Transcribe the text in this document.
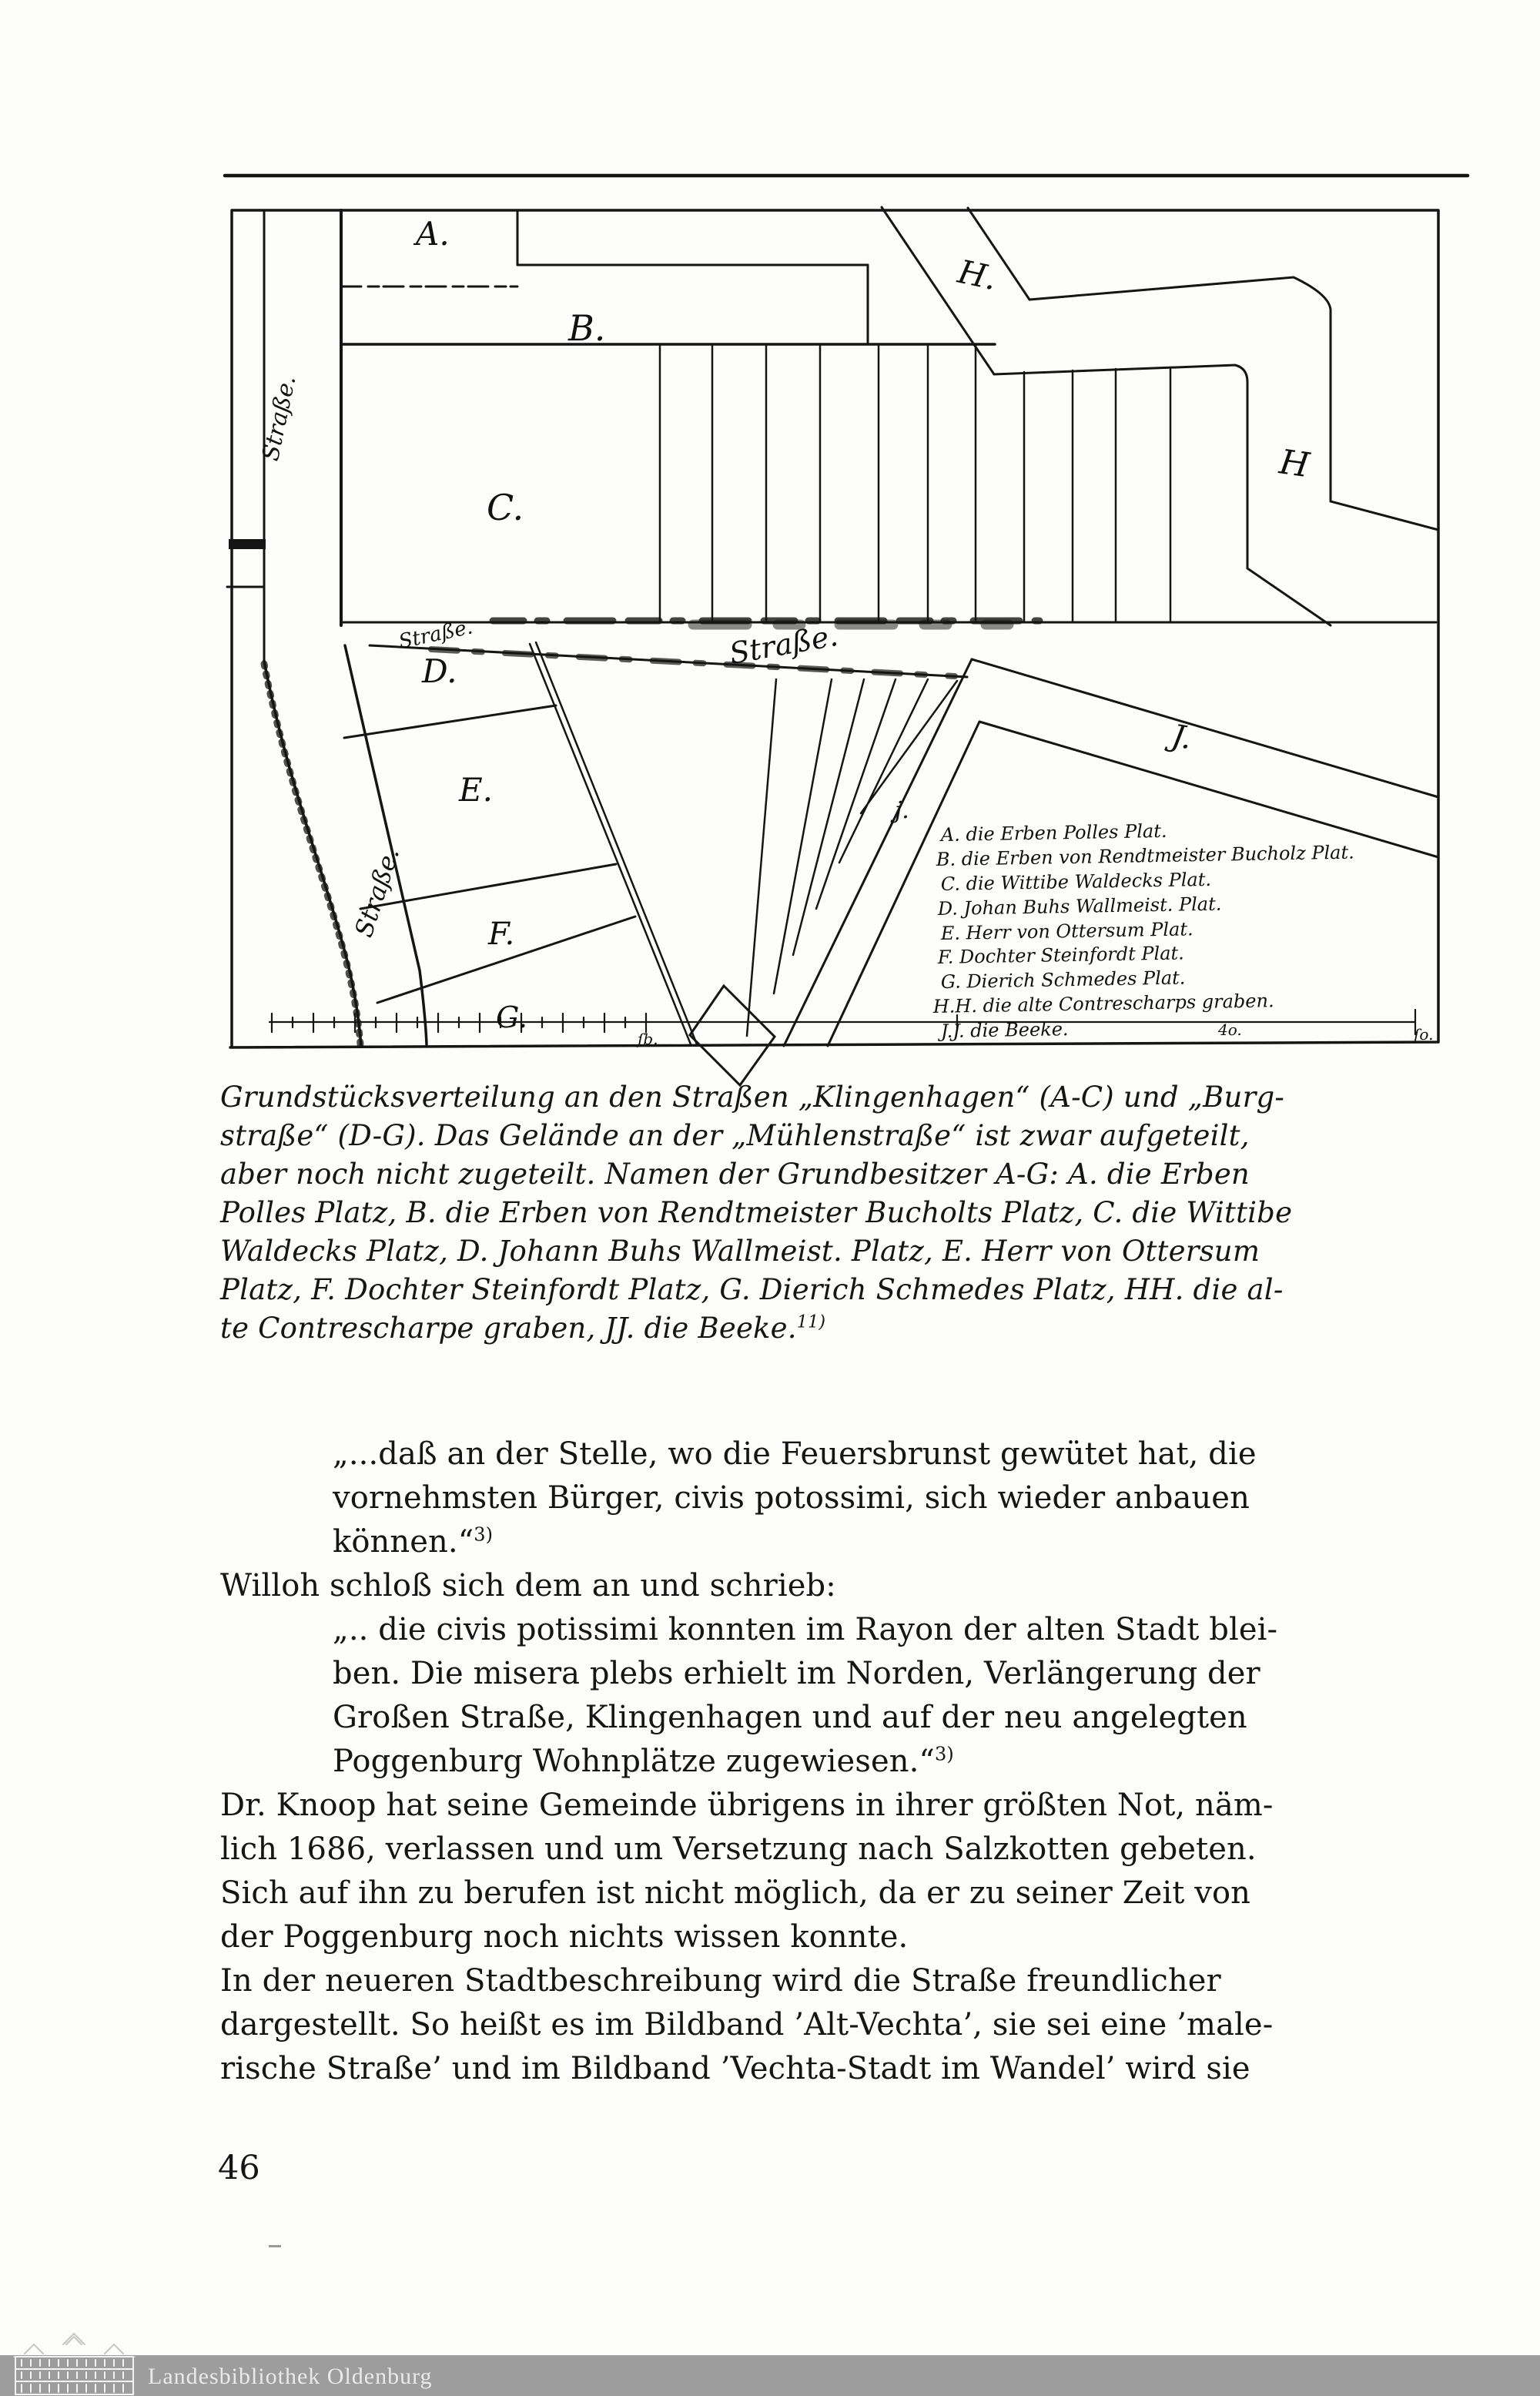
A.
B.
C.
D.
E.
F.
G.
H.
H
j.
J.
Straße.
Straße.
Straße.	Straße.
A. die Erben Polles Plat.
B. die Erben von Rendtmeister Bucholz Plat.
C. die Wittibe Waldecks Plat.
D. Johan Buhs Wallmeist. Plat.
E. Herr von Ottersum Plat.
F. Dochter Steinfordt Plat.
G. Dierich Schmedes Plat.
H.H. die alte Contrescharps graben.
J.J. die Beeke.
ſb.	4o.	ſo.
Grundstücksverteilung an den Straßen „Klingenhagen“ (A-C) und „Burg-
straße“ (D-G). Das Gelände an der „Mühlenstraße“ ist zwar aufgeteilt,
aber noch nicht zugeteilt. Namen der Grundbesitzer A-G: A. die Erben
Polles Platz, B. die Erben von Rendtmeister Bucholts Platz, C. die Wittibe
Waldecks Platz, D. Johann Buhs Wallmeist. Platz, E. Herr von Ottersum
Platz, F. Dochter Steinfordt Platz, G. Dierich Schmedes Platz, HH. die al-
te Contrescharpe graben, JJ. die Beeke.$^{11)}$
„...daß an der Stelle, wo die Feuersbrunst gewütet hat, die
vornehmsten Bürger, civis potossimi, sich wieder anbauen
können.“$^{3)}$
Willoh schloß sich dem an und schrieb:
„.. die civis potissimi konnten im Rayon der alten Stadt blei-
ben. Die misera plebs erhielt im Norden, Verlängerung der
Großen Straße, Klingenhagen und auf der neu angelegten
Poggenburg Wohnplätze zugewiesen.“$^{3)}$
Dr. Knoop hat seine Gemeinde übrigens in ihrer größten Not, näm-
lich 1686, verlassen und um Versetzung nach Salzkotten gebeten.
Sich auf ihn zu berufen ist nicht möglich, da er zu seiner Zeit von
der Poggenburg noch nichts wissen konnte.
In der neueren Stadtbeschreibung wird die Straße freundlicher
dargestellt. So heißt es im Bildband ’Alt-Vechta’, sie sei eine ’male-
rische Straße’ und im Bildband ’Vechta-Stadt im Wandel’ wird sie
46
Landesbibliothek Oldenburg
